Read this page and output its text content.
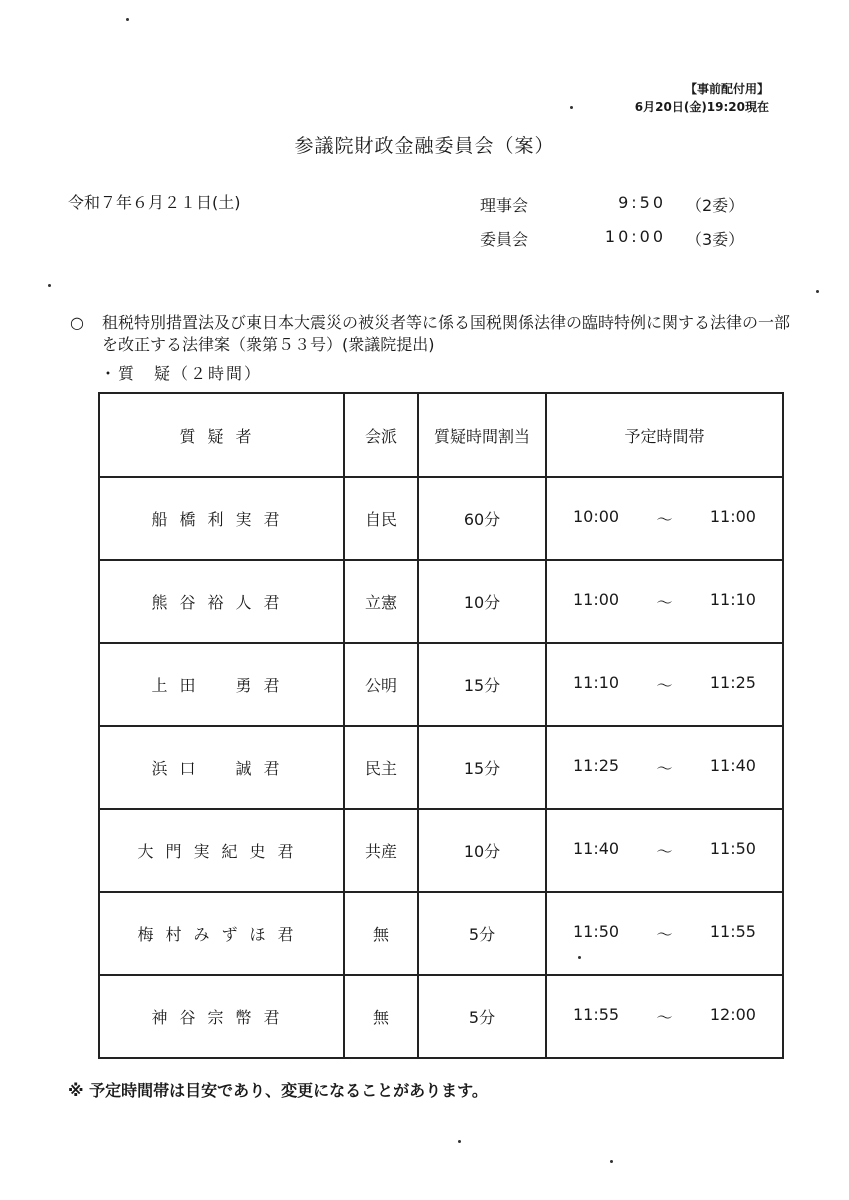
【事前配付用】
6月20日(金)19:20現在
参議院財政金融委員会（案）
令和７年６月２１日(土)	理事会	9:50 （2委）
委員会	10:00 （3委）
○ 租税特別措置法及び東日本大震災の被災者等に係る国税関係法律の臨時特例に関する法律の一部を改正する法律案（衆第５３号）(衆議院提出)
・質　疑（２時間）
質疑者	会派	質疑時間割当	予定時間帯
船橋利実君	自民	60分	10:00 〜 11:00

熊谷裕人君	立憲	10分	11:00 〜 11:10

上田　勇君	公明	15分	11:10 〜 11:25

浜口　誠君	民主	15分	11:25 〜 11:40

大門実紀史君	共産	10分	11:40 〜 11:50

梅村みずほ君	無	5分	11:50 〜 11:55

神谷宗幣君	無	5分	11:55 〜 12:00
※ 予定時間帯は目安であり、変更になることがあります。
